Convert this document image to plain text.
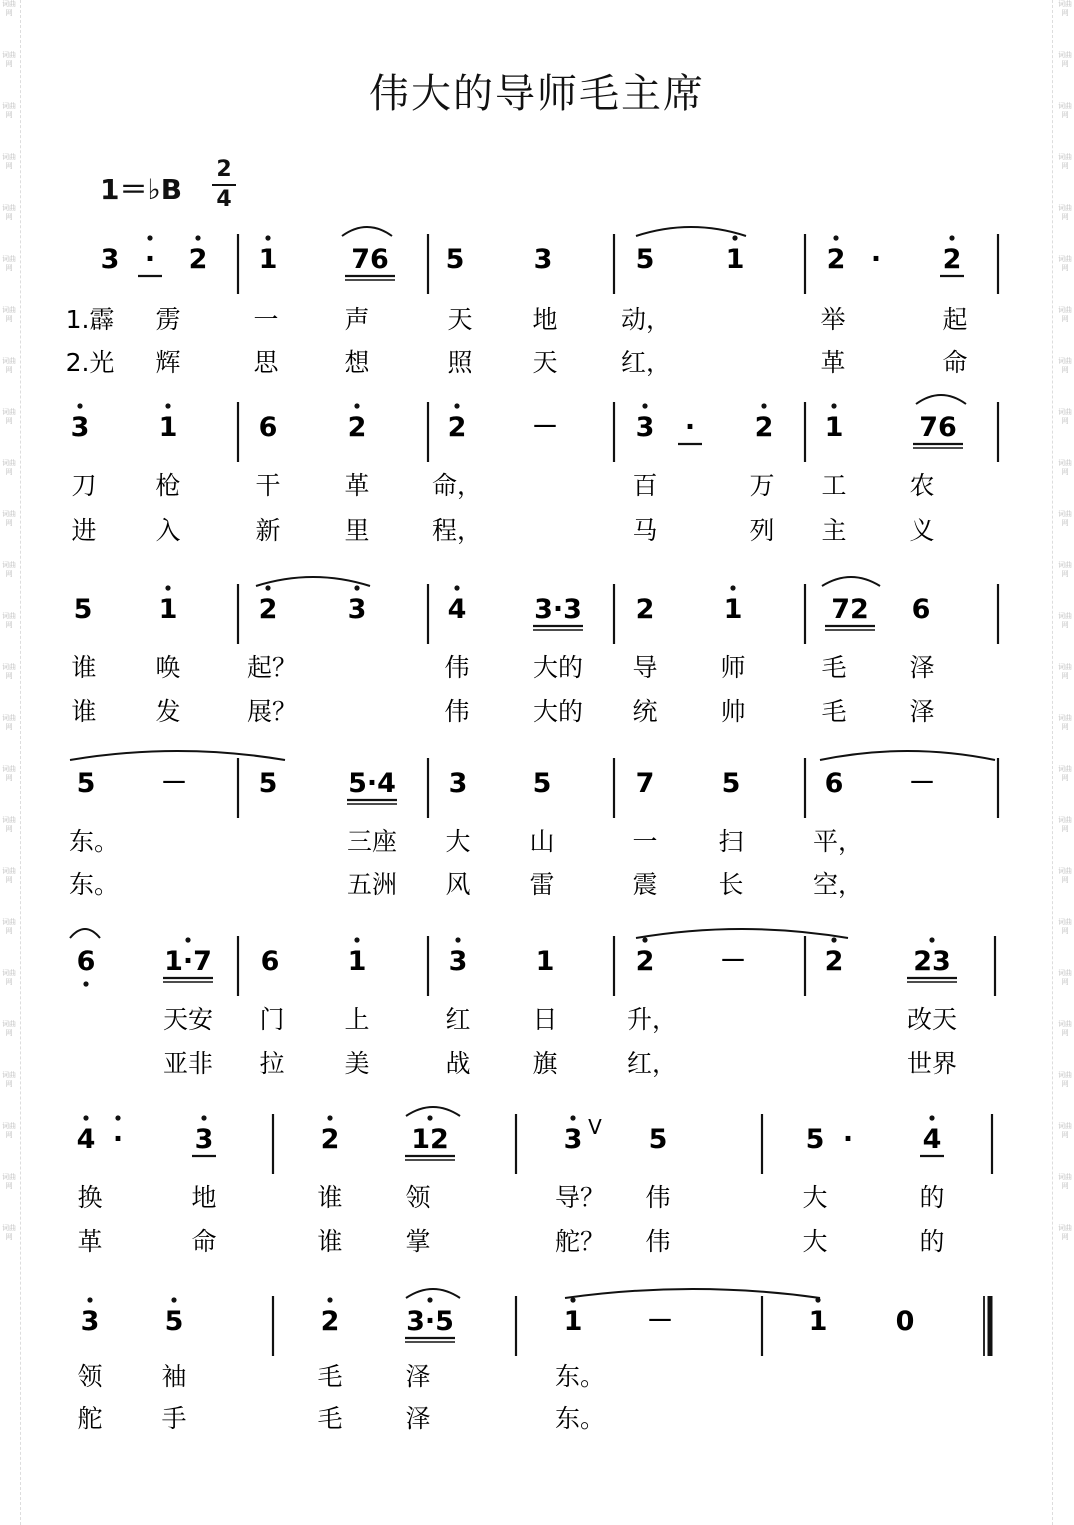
词曲网
词曲网
词曲网
词曲网
词曲网
词曲网
词曲网
词曲网
词曲网
词曲网
词曲网
词曲网
词曲网
词曲网
词曲网
词曲网
词曲网
词曲网
词曲网
词曲网
词曲网
词曲网
词曲网
词曲网
词曲网
词曲网
词曲网
词曲网
词曲网
词曲网
词曲网
词曲网
词曲网
词曲网
词曲网
词曲网
词曲网
词曲网
词曲网
词曲网
词曲网
词曲网
词曲网
词曲网
词曲网
词曲网
词曲网
词曲网
词曲网
词曲网
伟大的导师毛主席
1＝♭B
2
4
3 · 2 1	76 5	3	5	1	2 · 2
1.霹 雳	一	声	天 地	动，	举	起
2.光 辉	思	想	照 天	红，	革	命
3	1	6	2	2 －	3 · 2 1	76
刀 枪	干	革 命，	百	万 工	农
进 入	新	里 程，	马	列 主	义
5 1	2	3	4	3·3 2	1	72 6
谁 唤	起？	伟	大的 导	师	毛	泽
谁 发	展？	伟	大的 统	帅	毛	泽
5 －	5	5·4 3 5	7 5	6 －
东。	三座 大 山	一 扫	平，
东。	五洲 风 雷	震 长	空，
6	1·7 6	1	3	1	2 －	2	23
天安 门 上	红 日	升，	改天
亚非 拉 美	战 旗	红，	世界
4 ·	3	2	12	3 V 5	5 ·	4
换	地	谁	领	导？ 伟	大	的
革	命	谁	掌	舵？ 伟	大	的
3 5	2 3·5	1 －	1	0
领 袖	毛	泽	东。
舵 手	毛	泽	东。
